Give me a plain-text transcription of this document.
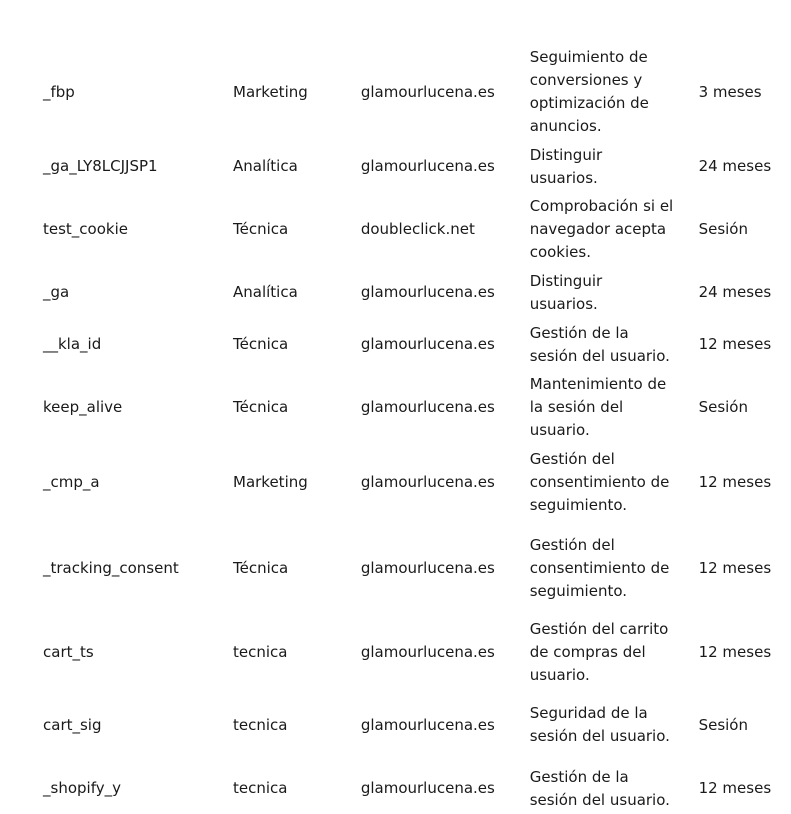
_fbp	Marketing	glamourlucena.es	Seguimiento de conversiones y optimización de anuncios.	3 meses
_ga_LY8LCJJSP1	Analítica	glamourlucena.es	Distinguir usuarios.	24 meses
test_cookie	Técnica	doubleclick.net	Comprobación si el navegador acepta cookies.	Sesión
_ga	Analítica	glamourlucena.es	Distinguir usuarios.	24 meses
__kla_id	Técnica	glamourlucena.es	Gestión de la sesión del usuario.	12 meses
keep_alive	Técnica	glamourlucena.es	Mantenimiento de la sesión del usuario.	Sesión
_cmp_a	Marketing	glamourlucena.es	Gestión del consentimiento de seguimiento.	12 meses
_tracking_consent	Técnica	glamourlucena.es	Gestión del consentimiento de seguimiento.	12 meses
cart_ts	tecnica	glamourlucena.es	Gestión del carrito de compras del usuario.	12 meses
cart_sig	tecnica	glamourlucena.es	Seguridad de la sesión del usuario.	Sesión
_shopify_y	tecnica	glamourlucena.es	Gestión de la sesión del usuario.	12 meses
